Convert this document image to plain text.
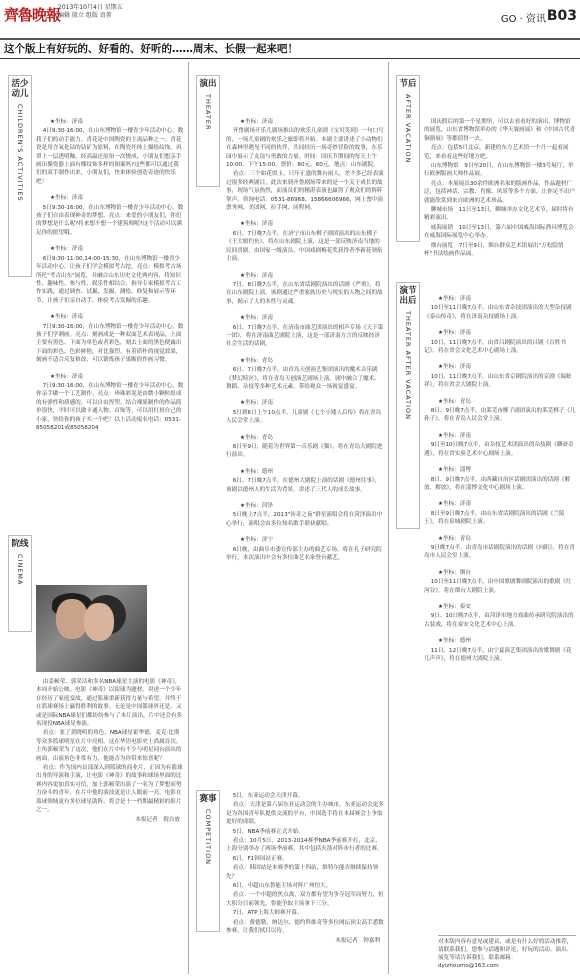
齊魯晚報
2013年10月4日 星期五
编辑 殷立 组版 语菁	GO · 资讯 B03
这个版上有好玩的、好看的、好听的……周末、长假一起来吧！
活少动儿
CHILDREN'S ACTIVITIES
院线
CINEMA
演出
THEATER
赛事
COMPETITION
节后
AFTER VACATION
演节出后
THEATER AFTER VACATION

★坐标：济南

4日9:30-16:00，在山东博物馆一楼青少年活动中心，数我子们的动手能力。青花是中国陶瓷的主流品种之一。青花瓷是用含氧化钴的钴矿为原料，在陶瓷坯体上描绘纹饰，再罩上一层透明釉，经高温还原焰一次烧成，小朋友们想亲手画出像瓷器上面有棵纹饰多样的图案吗?这些都可以通过我们的双手制作出来，小朋友们，快来体验创造奇迹的快乐吧！

★坐标：济南

5日9:30-16:00，在山东博物馆一楼青少年活动中心，数孩子们自由表现神奇的梦想。亮点：来爱的小朋友们，你们的梦想是什么呢?将来想不想一个建筑师呢?这个活动可以满足你的愿望哦。

★坐标：济南

6日9:30-11:00,14:00-15:30，在山东博物馆一楼青少年活动中心，让孩子们学会模拟考古挖。亮点：模拟考古场所托"考古山东"展览，并融合山东历史文化典内容，将知识性、趣味性、参与性、娱乐性相结合，指导专家模拟考古工作实践，通过调查、试掘、发掘、测绘、修复和展示等环节，让孩子们亲自动手，体验考古发掘的乐趣。

★坐标：济南

7日9:30-16:00，在山东博物馆一楼青少年活动中心，数孩子们学刺画。亮点：刻画成是一种双面艺术表现品，上面主要有黑色、下面为单色或者彩色，刻去上面的黑色便露出下面的彩色，色彩鲜艳，对比强烈。有着质朴的视觉效果，刻画不适合反复修改，可以锻炼孩子果断的作画习惯。

★坐标：济南

7日9:30-16:00，在山东博物馆一楼青少年活动中心，数你亲手做一个工艺制作。亮点：珍珠彩泥是由微小颗粒组成的有弹性和质感的，可以自由捏塑。结合裸果制作的作品简单很快，平时可以做卡通人物、首饰等，可以用打扮自己的小家，快给你的孩子买一个吧！以上活动报名电话：0531-85058201或85058204

由姜顿荣、郭采洁和多名NBA球星主演的电影《神奇》，本周开始公映。电影《神奇》以街球为题材，讲述一个少年在经历了家庭变故，通过篮球重新获得力量与希望，并终于在篮球赛场上赢得胜利的故事。无论是中国篮球界还是，又或是国际NBA球星们都纷纷参与了本片演出，片中还会有多名现役NBA球星参演。

看点：张了黄晓明的角色，NBA球星霍华德、麦克·比斯等众多篮球明星在片中亮相，这在华语电影史上尚属首次。主角郭顿荣为了这次，他们在片中有不少与明星同台演出的画面，出演角色非常有力，他能否为你带来惊喜呢？

看点：作为国内首部深入到篮球的商业片，正因为有篮球出身的导演和主演，让电影《神奇》的故事和球场里面的比赛内容更加真实可信，加上郭顿荣出演了一名为了梦想而努力奋斗的青年，在片中他的演技更是让人眼前一亮。电影在篮球领域更有多位球星助阵，将会是十一档期最精彩的影片之一。

本报记者　倪自放

★坐标：济南

齐鲁剧场开乐儿剧场推出的欢乐儿童剧《宝贝笑到》一句口号的，一场儿童剧的欢乐之旅即将开始。本剧主要讲述了小动物们在森林里遇见不同的伙伴，共同经历一场奇妙冒险的故事，在乐园中展示了友谊与勇敢的力量。时间：国庆节期间的每天上午10:00，下午15:00。票价：80元、60元。地点：山东剧院。

看点：三个如花似玉、只年正盛的舞台雨人，差不多已经表演过很多经典剧目。此次来到齐鲁剧场带来的是一个关于成长的故事，现场气氛热烈，而演员们的精湛表演也赢得了观众们的阵阵掌声。咨询电话：0531-86968、15866606966，网上票中演票务网、美团网、拉手网、同程网。

★坐标：济南

6日、7日晚7点半，在济宁市山东梆子剧团演出的山东梆子《王大娘钓鱼》，将在山东剧院上演，这是一部反映济南当地的民间喜剧。由国家一级演员、中国戏剧梅花奖获得者李新花领衔主演。

★坐标：济南

7日、8日晚7点半，在山东省话剧院演出的话剧《严重》，将在山东剧院上演。该剧通过严重家族历史与现实的人物之间的故事，揭示了人的本性与灵魂。

★坐标：济南

6日、7日晚7点半，在济南市曲艺团演出的相声专场《天下第一团》，将在济南曲艺剧院上演，这是一部济南方言的反映经济社会生活的话剧。

★坐标：青岛

6日、7日晚7点半，由青岛天创演艺集团演出的魔术音乐剧《梦幻特区》，将在青岛天创演艺剧场上演。剧中融合了魔术、舞蹈、杂技等多种艺术元素，带给观众一场视觉盛宴。

★坐标：济南

5日到6日上午10点半，儿童剧《七个小矮人后传》将在青岛人民会堂上演。

★坐标：青岛

6日至9日，随着为世界第一音乐剧《猫》，将在青岛大剧院进行演出。

★坐标：德州

6日、7日晚7点半，在德州大剧院上演的话剧《德州往事》，该剧以德州人的生活为背景，讲述了三代人的成长故事。

★坐标：菏泽

5日晚上7点半，2013"传奇之夜"群星演唱会将在菏泽演出中心举行，演唱会由多位知名歌手联袂献唱。

★坐标：济宁

6日晚，由曲阜市委宣传部主办的曲艺专场，将在孔子研究院举行，本次演出中会有多位曲艺名家登台献艺。

5日，东亚运动会天津开幕。

看点：天津是第六届东亚运动会的主办城市，东亚运动会更多是为各国青年队提供交流的平台，中国选手将在本届赛会上争取更好的成绩。

5日，NBA季前赛正式开始。

看点：10月5日，2013-2014赛季NBA季前赛开打，北京、上海分别举办了两场季前赛，其中包括火箭对阵步行者的比赛。

6日，F1韩国站正赛。

看点：韩国站是本赛季的第十四站，维特尔能否继续保持领先？

6日，中超山东鲁能主场对阵广州恒大。

看点：一个中超的焦点战，双方都有望为争夺冠军而努力，恒大积分目前领先，鲁能争取主场拿下三分。

7日，ATP上海大师赛开幕。

看点：费德勒、纳达尔、德约科维奇等多位网坛顶尖高手悉数参赛，让我们拭目以待。

本报记者　钟嘉利

国庆假后的第一个星期里，可以去看看好的演出、博物馆的展览，山东省博物馆举办的《华天寰画展》和《中国古代青铜器展》等都值得一去。

亮点：包括5月北京，新建的东方艺术馆一个月一起看展览，来看看这些好地方吧。

山东博物馆　9日至20日，在山东博物馆一楼3号展厅，举行欧洲版画大师作品展。

亮点：本展展出30余件欧洲名家的版画作品，作品题材广泛，包括神话、宗教、肖像、风景等多个方面，让你足不出户就能欣赏到来自欧洲的艺术珍品。

聊城市场　11日至13日，聊城举办文化艺术节，届时将有精彩演出。

威海展销　10日至13日，第六届中国威海国际渔具博览会在威海国际展览中心举办。

烟台展览　7日至9日，烟台群众艺术馆展出"万松隐情杯"书法绘画作品展。

★坐标：济南

10日至11日晚7点半，由山东省杂技团演出的大型杂技剧《泰山传奇》，将在济南杂技剧场上演。

★坐标：济南

10日、11日晚7点半，由省吕剧院演出的吕剧《百姓书记》，将在省会文化艺术中心剧场上演。

★坐标：济南

10日、11日晚7点半，由山东省京剧院演出的京剧《瑞蚨祥》，将在省会大剧院上演。

★坐标：青岛

8日、9日晚7点半，由莱芜市梆子剧团演出的莱芜梆子《儿孙子》，将在青岛人民会堂上演。

★坐标：济南

9日至10日晚7点半，由杂技艺术团演出的杂技剧《聊斋奇遇》，将在省实验艺术中心剧场上演。

★坐标：淄博

8日、9日晚7点半，由西藏自治区话剧团演出的话剧《解放，解放》，将在淄博文化中心剧场上演。

★坐标：济南

8日至9日晚7点半，由山东省话剧院演出的话剧《兰陵王》，将在泉城剧院上演。

★坐标：青岛

9日晚7点半，由青岛市话剧院演出的话剧《向阳》，将在青岛市人民会堂上演。

★坐标：烟台

10日至11日晚7点半，由中国歌剧舞剧院演出的歌剧《红河谷》，将在烟台大剧院上演。

★坐标：泰安

9日、10日晚7点半，由菏泽市地方戏曲传承研究院演出的古装戏，将在泰安文化艺术中心上演。

★坐标：德州

11日、12日晚7点半，由宁夏演艺集团演出的歌舞剧《花儿声声》，将在德州大剧院上演。

对本版内容有意见或建议，或是有什么好的活动推荐，请联系我们。您参与话题和评论，好玩的活动、演出、展览等请告诉我们。联系邮箱：dyizhoumo@163.com
